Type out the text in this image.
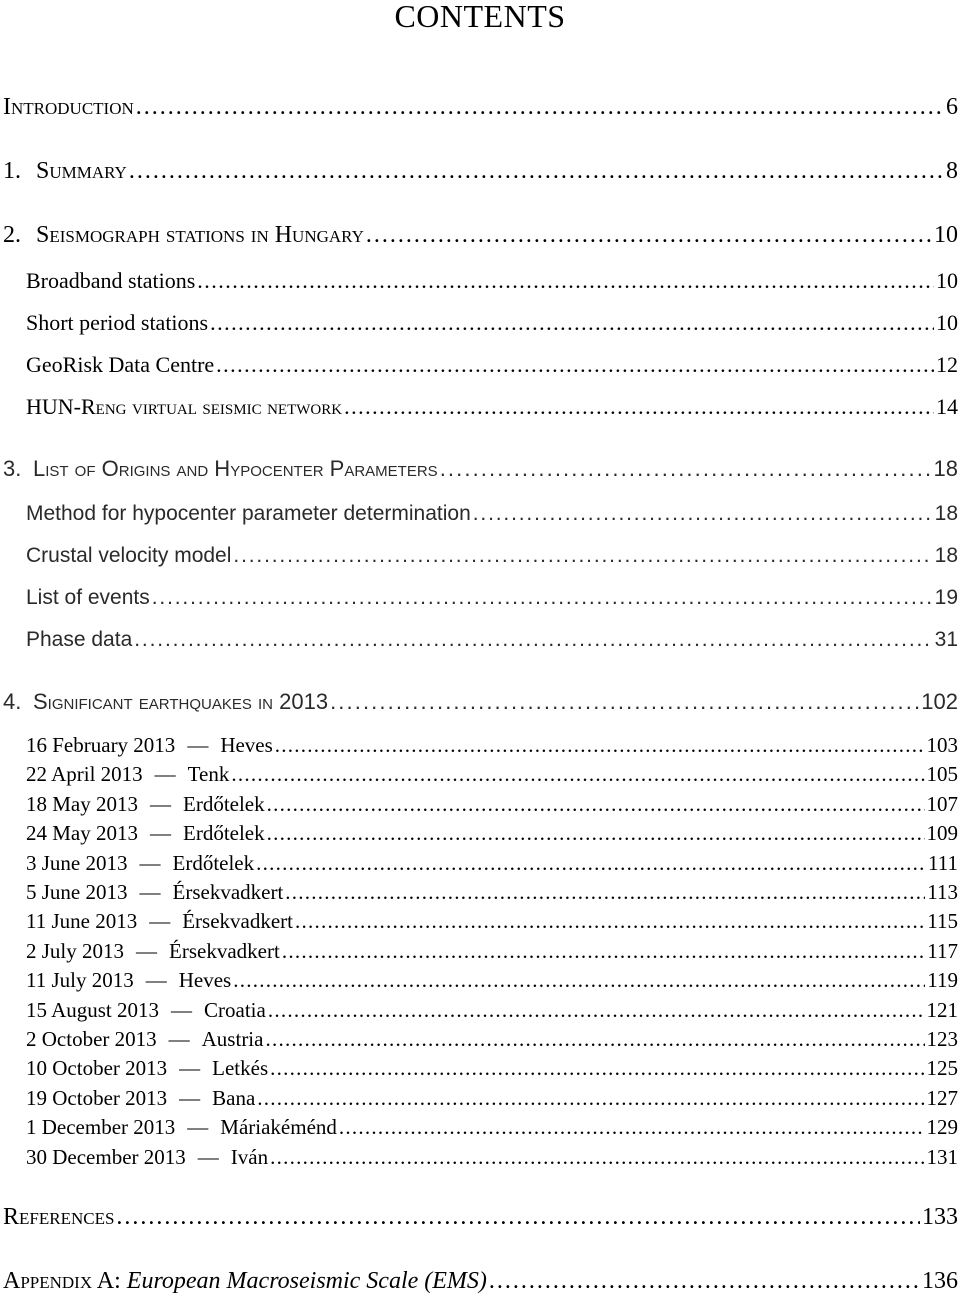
CONTENTS
Introduction . . .	6
1. Summary . . .	8
2. Seismograph stations in Hungary . . .	10
Broadband stations . . .	10
Short period stations . . .	10
GeoRisk Data Centre . . .	12
HUN-Reng virtual seismic network . . .	14
3. List of Origins and Hypocenter Parameters . . .	18
Method for hypocenter parameter determination . . .	18
Crustal velocity model . . .	18
List of events . . .	19
Phase data . . .	31
4. Significant earthquakes in 2013 . . .	102
16 February 2013 — Heves . . .	103
22 April 2013 — Tenk . . .	105
18 May 2013 — Erdőtelek . . .	107
24 May 2013 — Erdőtelek . . .	109
3 June 2013 — Erdőtelek . . .	111
5 June 2013 — Érsekvadkert . . .	113
11 June 2013 — Érsekvadkert . . .	115
2 July 2013 — Érsekvadkert . . .	117
11 July 2013 — Heves . . .	119
15 August 2013 — Croatia . . .	121
2 October 2013 — Austria . . .	123
10 October 2013 — Letkés . . .	125
19 October 2013 — Bana . . .	127
1 December 2013 — Máriakéménd . . .	129
30 December 2013 — Iván . . .	131
References . . .	133
Appendix A: European Macroseismic Scale (EMS) . . .	136
